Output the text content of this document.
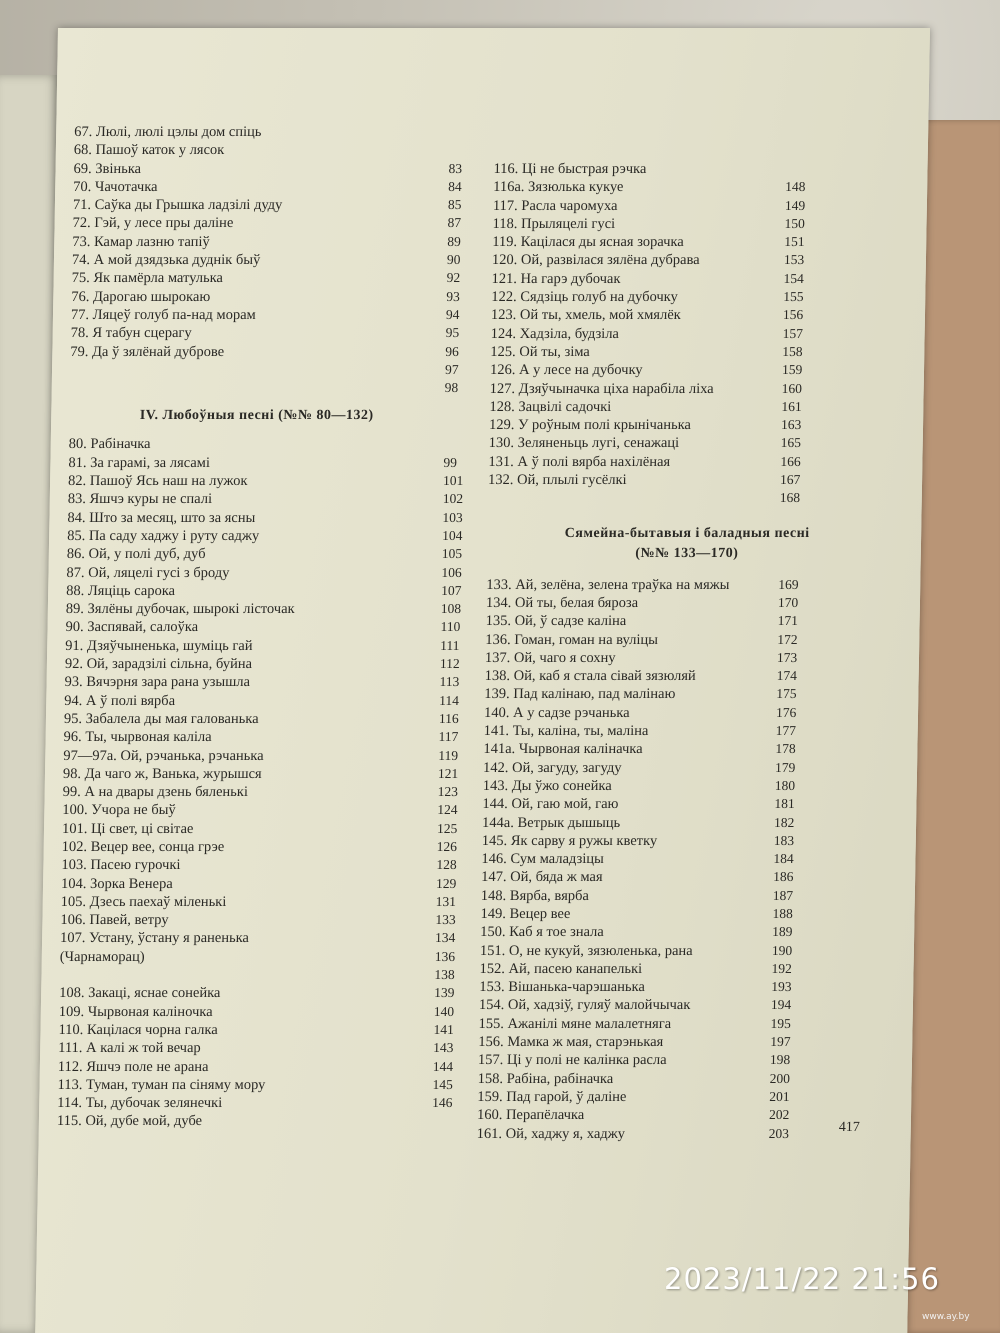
67. Люлі, люлі цэлы дом спіць
68. Пашоў каток у лясок
69. Звінька	83
70. Чачотачка	84
71. Саўка ды Грышка ладзілі дуду	85
72. Гэй, у лесе пры даліне	87
73. Камар лазню тапіў	89
74. А мой дзядзька дуднік быў	90
75. Як памёрла матулька	92
76. Дарогаю шырокаю	93
77. Ляцеў голуб па-над морам	94
78. Я табун сцерагу	95
79. Да ў зялёнай дуброве	96
97
98
IV. Любоўныя песні (№№ 80—132)
80. Рабіначка
81. За гарамі, за лясамі	99
82. Пашоў Ясь наш на лужок	101
83. Яшчэ куры не спалі	102
84. Што за месяц, што за ясны	103
85. Па саду хаджу і руту саджу	104
86. Ой, у полі дуб, дуб	105
87. Ой, ляцелі гусі з броду	106
88. Ляціць сарока	107
89. Зялёны дубочак, шырокі лісточак	108
90. Заспявай, салоўка	110
91. Дзяўчыненька, шуміць гай	111
92. Ой, зарадзілі сільна, буйна	112
93. Вячэрня зара рана узышла	113
94. А ў полі вярба	114
95. Забалела ды мая галованька	116
96. Ты, чырвоная каліла	117
97—97а. Ой, рэчанька, рэчанька	119
98. Да чаго ж, Ванька, журышся	121
99. А на двары дзень бяленькі	123
100. Учора не быў	124
101. Ці свет, ці світае	125
102. Вецер вее, сонца грэе	126
103. Пасею гурочкі	128
104. Зорка Венера	129
105. Дзесь паехаў міленькі	131
106. Павей, ветру	133
107. Устану, ўстану я раненька	134
(Чарнаморац)	136
138
108. Закаці, яснае сонейка	139
109. Чырвоная каліночка	140
110. Кацілася чорна галка	141
111. А калі ж той вечар	143
112. Яшчэ поле не арана	144
113. Туман, туман па сіняму мору	145
114. Ты, дубочак зелянечкі	146
115. Ой, дубе мой, дубе
116. Ці не быстрая рэчка
116а. Зязюлька кукуе	148
117. Расла чаромуха	149
118. Прыляцелі гусі	150
119. Кацілася ды ясная зорачка	151
120. Ой, развілася зялёна дубрава	153
121. На гарэ дубочак	154
122. Сядзіць голуб на дубочку	155
123. Ой ты, хмель, мой хмялёк	156
124. Хадзіла, будзіла	157
125. Ой ты, зіма	158
126. А у лесе на дубочку	159
127. Дзяўчыначка ціха нарабіла ліха	160
128. Зацвілі садочкі	161
129. У роўным полі крынічанька	163
130. Зеляненьць лугі, сенажаці	165
131. А ў полі вярба нахілёная	166
132. Ой, плылі гусёлкі	167
168
Сямейна-бытавыя і баладныя песні
(№№ 133—170)
133. Ай, зелёна, зелена траўка на мяжы	169
134. Ой ты, белая бяроза	170
135. Ой, ў садзе каліна	171
136. Гоман, гоман на вуліцы	172
137. Ой, чаго я сохну	173
138. Ой, каб я стала сівай зязюляй	174
139. Пад калінаю, пад малінаю	175
140. А у садзе рэчанька	176
141. Ты, каліна, ты, маліна	177
141а. Чырвоная каліначка	178
142. Ой, загуду, загуду	179
143. Ды ўжо сонейка	180
144. Ой, гаю мой, гаю	181
144а. Ветрык дышыць	182
145. Як сарву я ружы кветку	183
146. Сум маладзіцы	184
147. Ой, бяда ж мая	186
148. Вярба, вярба	187
149. Вецер вее	188
150. Каб я тое знала	189
151. О, не кукуй, зязюленька, рана	190
152. Ай, пасею канапелькі	192
153. Вішанька-чарэшанька	193
154. Ой, хадзіў, гуляў малойчычак	194
155. Ажанілі мяне малалетняга	195
156. Мамка ж мая, старэнькая	197
157. Ці у полі не калінка расла	198
158. Рабіна, рабіначка	200
159. Пад гарой, ў даліне	201
160. Перапёлачка	202
161. Ой, хаджу я, хаджу	203	417
2023/11/22 21:56
www.ay.by
